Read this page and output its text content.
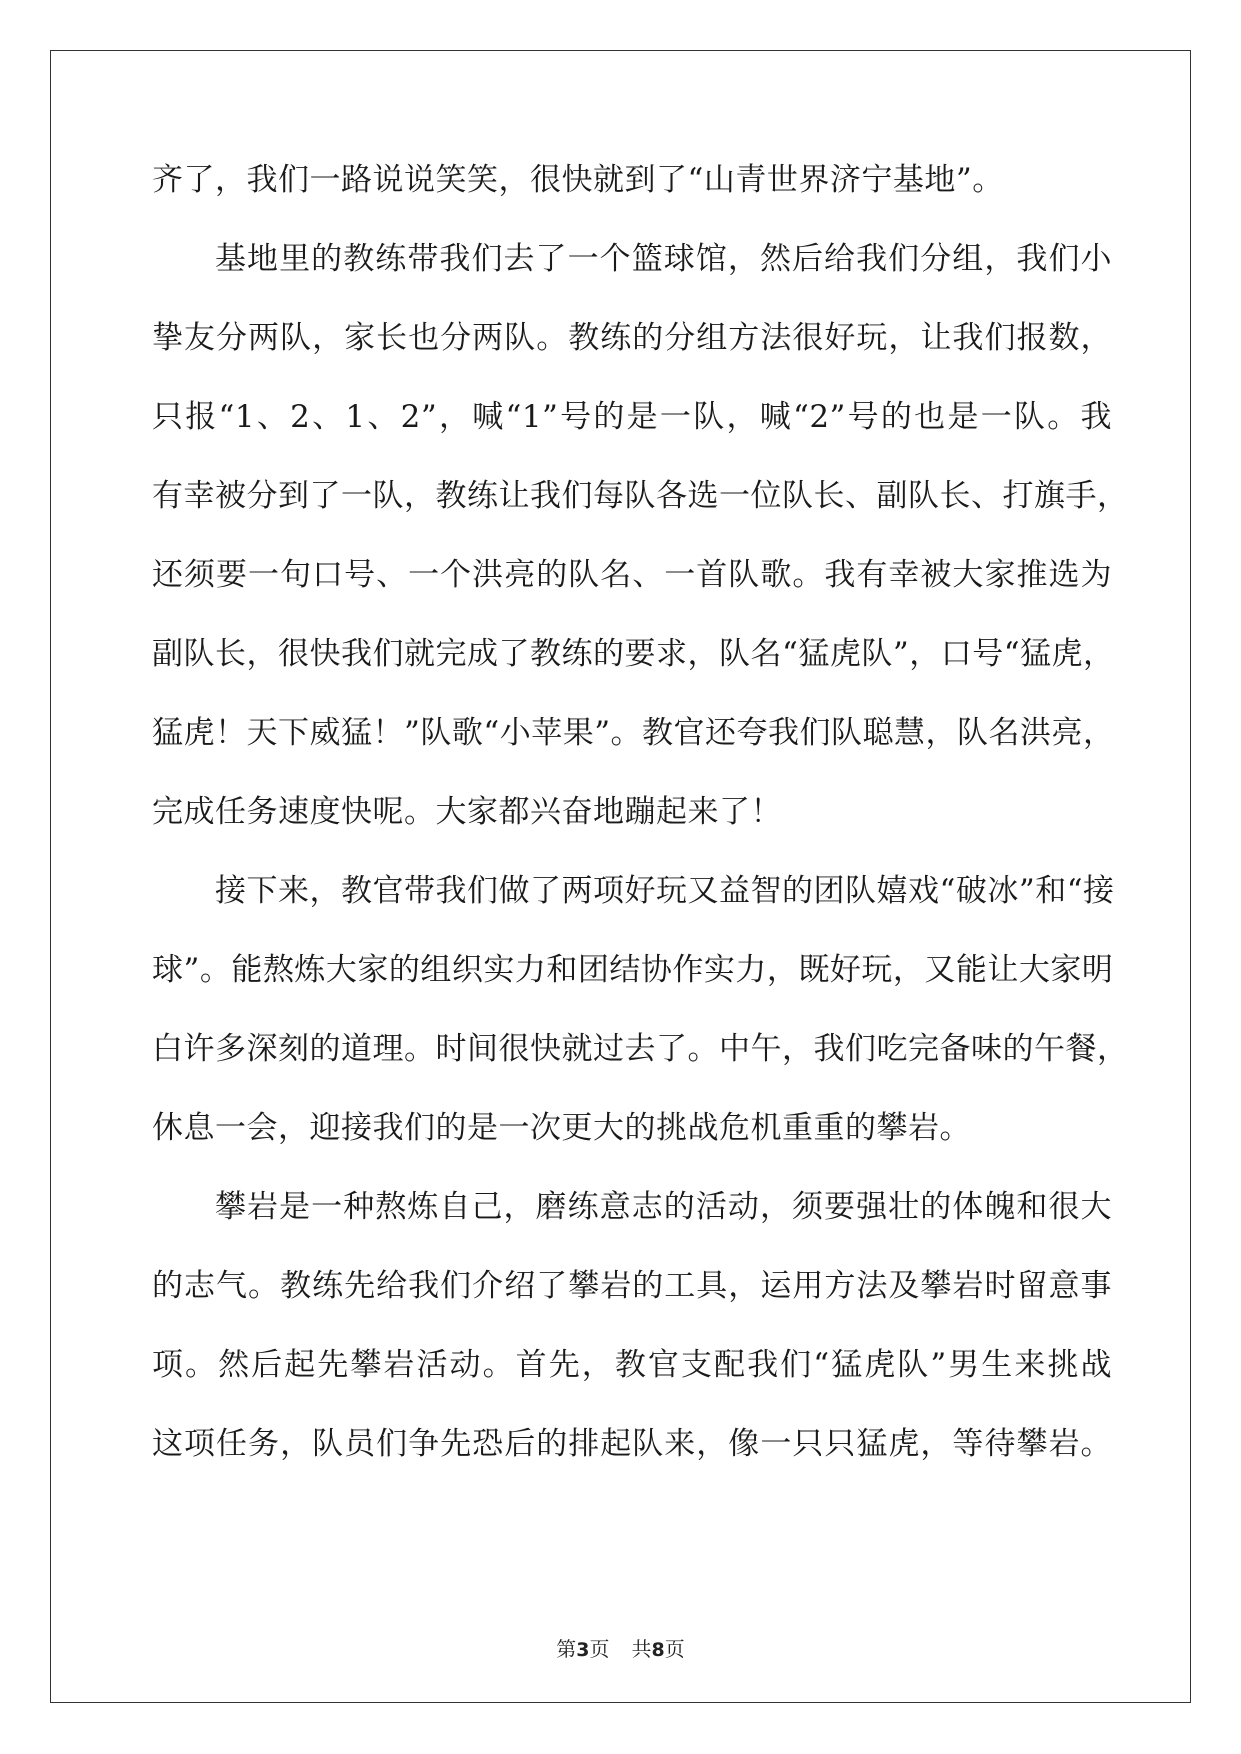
齐了，我们一路说说笑笑，很快就到了“山青世界济宁基地”。
基地里的教练带我们去了一个篮球馆，然后给我们分组，我们小
挚友分两队，家长也分两队。教练的分组方法很好玩，让我们报数，
只报“1、2、1、2”，喊“1”号的是一队，喊“2”号的也是一队。我
有幸被分到了一队，教练让我们每队各选一位队长、副队长、打旗手，
还须要一句口号、一个洪亮的队名、一首队歌。我有幸被大家推选为
副队长，很快我们就完成了教练的要求，队名“猛虎队”，口号“猛虎，
猛虎！天下威猛！”队歌“小苹果”。教官还夸我们队聪慧，队名洪亮，
完成任务速度快呢。大家都兴奋地蹦起来了！
接下来，教官带我们做了两项好玩又益智的团队嬉戏“破冰”和“接
球”。能熬炼大家的组织实力和团结协作实力，既好玩，又能让大家明
白许多深刻的道理。时间很快就过去了。中午，我们吃完备味的午餐，
休息一会，迎接我们的是一次更大的挑战危机重重的攀岩。
攀岩是一种熬炼自己，磨练意志的活动，须要强壮的体魄和很大
的志气。教练先给我们介绍了攀岩的工具，运用方法及攀岩时留意事
项。然后起先攀岩活动。首先，教官支配我们“猛虎队”男生来挑战
这项任务，队员们争先恐后的排起队来，像一只只猛虎，等待攀岩。
第3页 共8页
